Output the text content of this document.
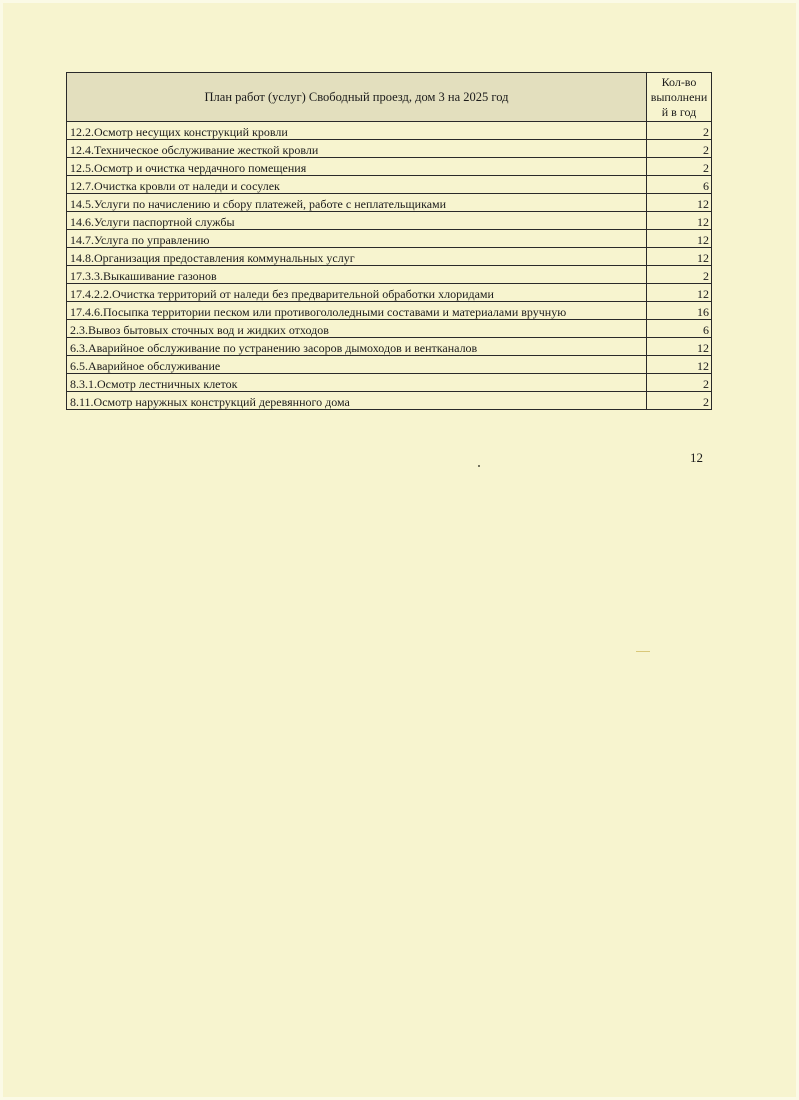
План работ (услуг) Свободный проезд, дом 3 на 2025 год	Кол-во
выполнени
й в год

12.2.Осмотр несущих конструкций кровли	2
12.4.Техническое обслуживание жесткой кровли	2
12.5.Осмотр и очистка чердачного помещения	2
12.7.Очистка кровли от наледи и сосулек	6
14.5.Услуги по начислению и сбору платежей, работе с неплательщиками	12
14.6.Услуги паспортной службы	12
14.7.Услуга по управлению	12
14.8.Организация предоставления коммунальных услуг	12
17.3.3.Выкашивание газонов	2
17.4.2.2.Очистка территорий от наледи без предварительной обработки хлоридами	12
17.4.6.Посыпка территории песком или противогололедными составами и материалами вручную	16
2.3.Вывоз бытовых сточных вод и жидких отходов	6
6.3.Аварийное обслуживание по устранению засоров дымоходов и вентканалов	12
6.5.Аварийное обслуживание	12
8.3.1.Осмотр лестничных клеток	2
8.11.Осмотр наружных конструкций деревянного дома	2
12
